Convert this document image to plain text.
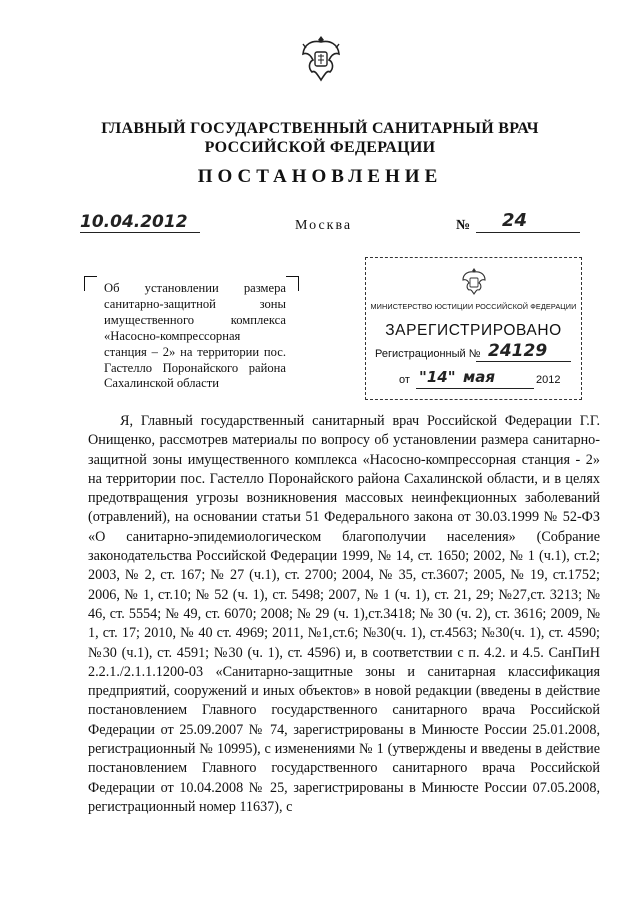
ГЛАВНЫЙ ГОСУДАРСТВЕННЫЙ САНИТАРНЫЙ ВРАЧ
РОССИЙСКОЙ ФЕДЕРАЦИИ
ПОСТАНОВЛЕНИЕ
10.04.2012	Москва	№ 24
Об установлении размера санитарно-защитной зоны имущественного комплекса «Насосно-компрессорная станция – 2» на территории пос. Гастелло Поронайского района Сахалинской области
МИНИСТЕРСТВО ЮСТИЦИИ РОССИЙСКОЙ ФЕДЕРАЦИИ
ЗАРЕГИСТРИРОВАНО
Регистрационный № 24129
от "14" мая	2012

Я, Главный государственный санитарный врач Российской Федерации Г.Г. Онищенко, рассмотрев материалы по вопросу об установлении размера санитарно-защитной зоны имущественного комплекса «Насосно-компрессорная станция - 2» на территории пос. Гастелло Поронайского района Сахалинской области, и в целях предотвращения угрозы возникновения массовых неинфекционных заболеваний (отравлений), на основании статьи 51 Федерального закона от 30.03.1999 № 52-ФЗ «О санитарно-эпидемиологическом благополучии населения» (Собрание законодательства Российской Федерации 1999, № 14, ст. 1650; 2002, № 1 (ч.1), ст.2; 2003, № 2, ст. 167; № 27 (ч.1), ст. 2700; 2004, № 35, ст.3607; 2005, № 19, ст.1752; 2006, № 1, ст.10; № 52 (ч. 1), ст. 5498; 2007, № 1 (ч. 1), ст. 21, 29; №27,ст. 3213; № 46, ст. 5554; № 49, ст. 6070; 2008; № 29 (ч. 1),ст.3418; № 30 (ч. 2), ст. 3616; 2009, № 1, ст. 17; 2010, № 40 ст. 4969; 2011, №1,ст.6; №30(ч. 1), ст.4563; №30(ч. 1), ст. 4590; №30 (ч.1), ст. 4591; №30 (ч. 1), ст. 4596) и, в соответствии с п. 4.2. и 4.5. СанПиН 2.2.1./2.1.1.1200-03 «Санитарно-защитные зоны и санитарная классификация предприятий, сооружений и иных объектов» в новой редакции (введены в действие постановлением Главного государственного санитарного врача Российской Федерации от 25.09.2007 № 74, зарегистрированы в Минюсте России 25.01.2008, регистрационный № 10995), с изменениями № 1 (утверждены и введены в действие постановлением Главного государственного санитарного врача Российской Федерации от 10.04.2008 № 25, зарегистрированы в Минюсте России 07.05.2008, регистрационный номер 11637), с
